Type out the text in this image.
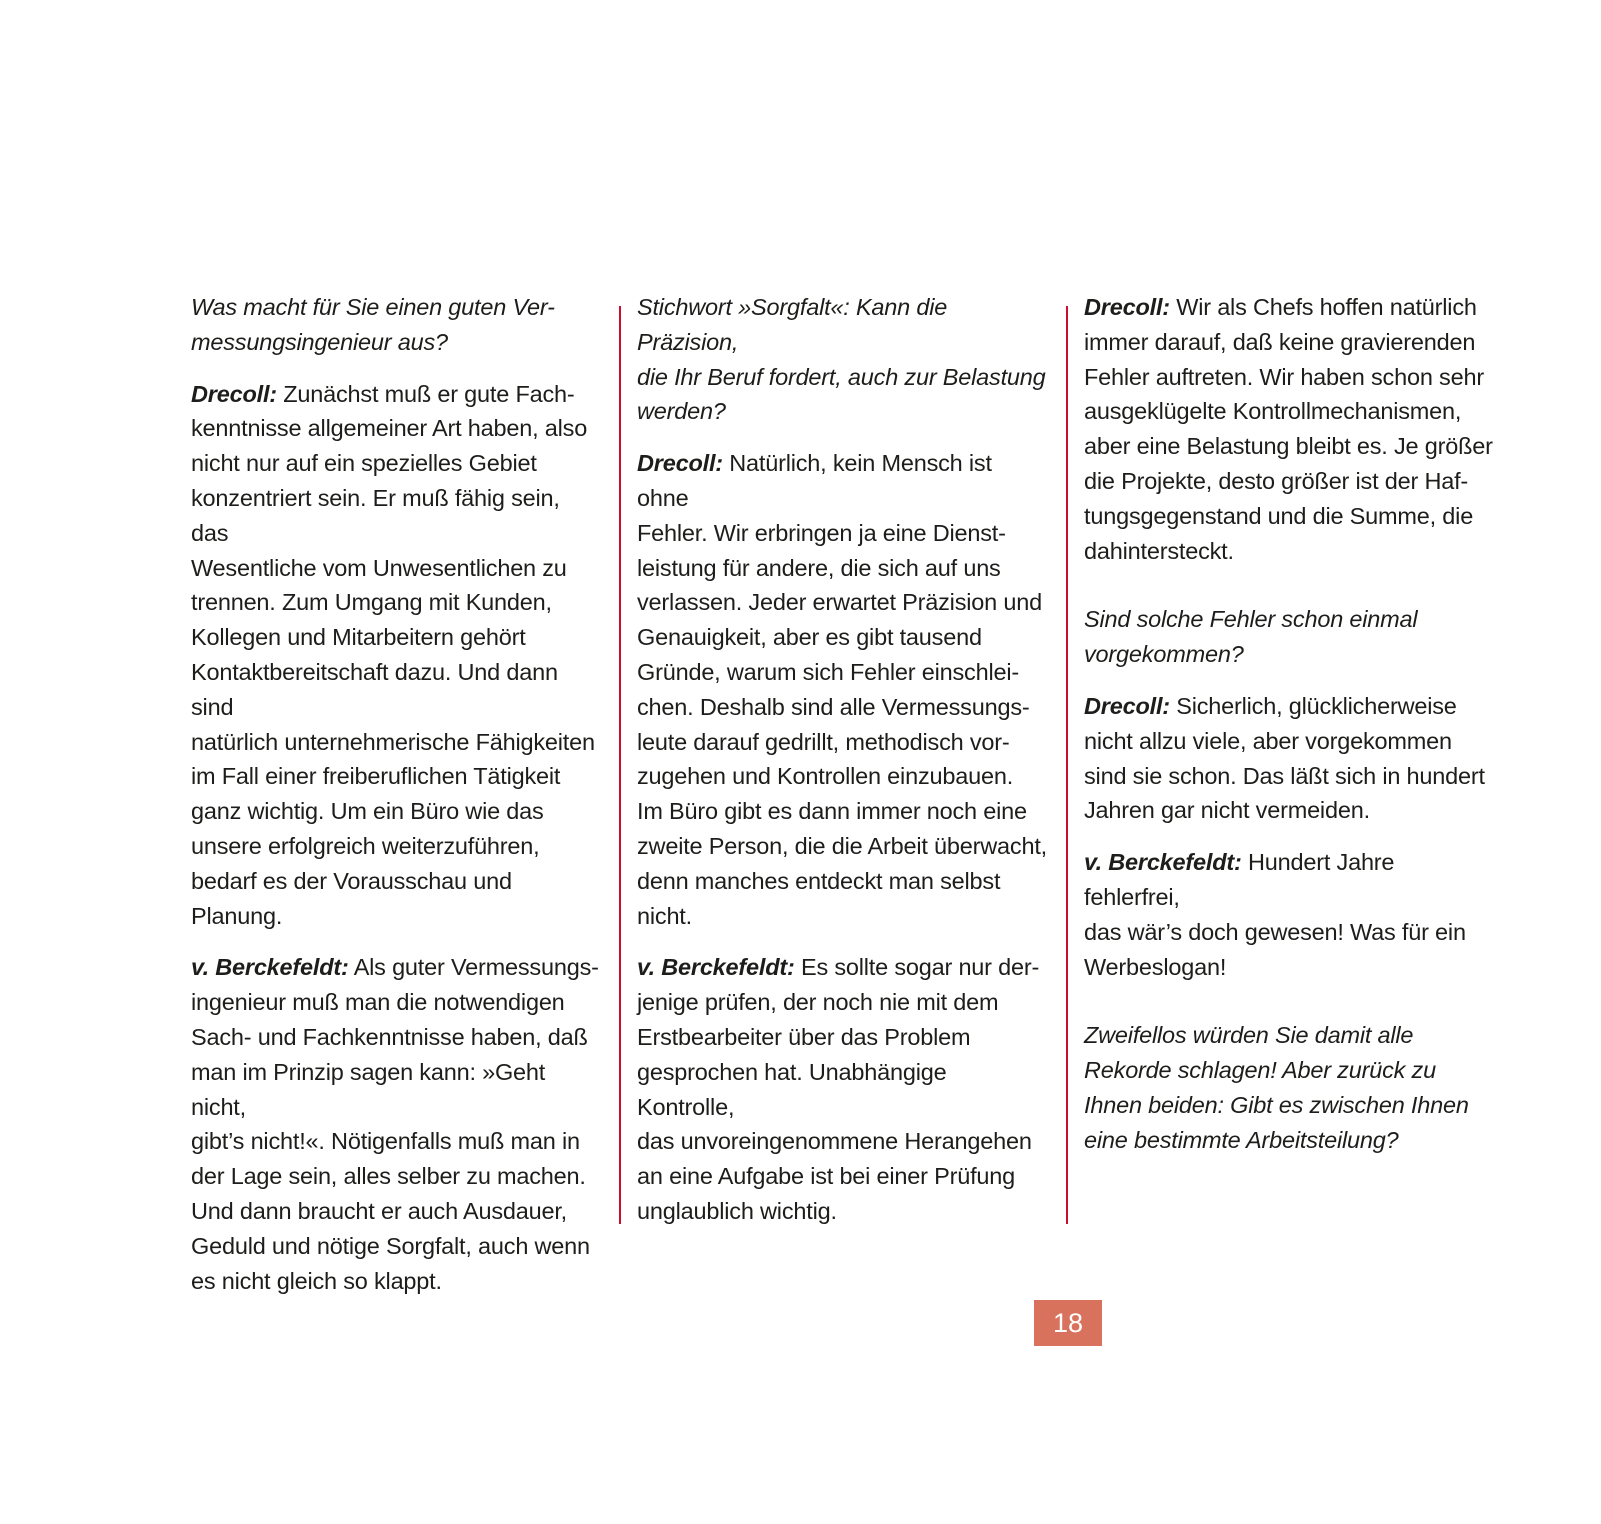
Was macht für Sie einen guten Ver-
messungsingenieur aus?

Drecoll: Zunächst muß er gute Fach-
kenntnisse allgemeiner Art haben, also
nicht nur auf ein spezielles Gebiet
konzentriert sein. Er muß fähig sein, das
Wesentliche vom Unwesentlichen zu
trennen. Zum Umgang mit Kunden,
Kollegen und Mitarbeitern gehört
Kontaktbereitschaft dazu. Und dann sind
natürlich unternehmerische Fähigkeiten
im Fall einer freiberuflichen Tätigkeit
ganz wichtig. Um ein Büro wie das
unsere erfolgreich weiterzuführen,
bedarf es der Vorausschau und Planung.

v. Berckefeldt: Als guter Vermessungs-
ingenieur muß man die notwendigen
Sach- und Fachkenntnisse haben, daß
man im Prinzip sagen kann: »Geht nicht,
gibt’s nicht!«. Nötigenfalls muß man in
der Lage sein, alles selber zu machen.
Und dann braucht er auch Ausdauer,
Geduld und nötige Sorgfalt, auch wenn
es nicht gleich so klappt.

Stichwort »Sorgfalt«: Kann die Präzision,
die Ihr Beruf fordert, auch zur Belastung
werden?

Drecoll: Natürlich, kein Mensch ist ohne
Fehler. Wir erbringen ja eine Dienst-
leistung für andere, die sich auf uns
verlassen. Jeder erwartet Präzision und
Genauigkeit, aber es gibt tausend
Gründe, warum sich Fehler einschlei-
chen. Deshalb sind alle Vermessungs-
leute darauf gedrillt, methodisch vor-
zugehen und Kontrollen einzubauen.
Im Büro gibt es dann immer noch eine
zweite Person, die die Arbeit überwacht,
denn manches entdeckt man selbst
nicht.

v. Berckefeldt: Es sollte sogar nur der-
jenige prüfen, der noch nie mit dem
Erstbearbeiter über das Problem
gesprochen hat. Unabhängige Kontrolle,
das unvoreingenommene Herangehen
an eine Aufgabe ist bei einer Prüfung
unglaublich wichtig.

Drecoll: Wir als Chefs hoffen natürlich
immer darauf, daß keine gravierenden
Fehler auftreten. Wir haben schon sehr
ausgeklügelte Kontrollmechanismen,
aber eine Belastung bleibt es. Je größer
die Projekte, desto größer ist der Haf-
tungsgegenstand und die Summe, die
dahintersteckt.

Sind solche Fehler schon einmal
vorgekommen?

Drecoll: Sicherlich, glücklicherweise
nicht allzu viele, aber vorgekommen
sind sie schon. Das läßt sich in hundert
Jahren gar nicht vermeiden.

v. Berckefeldt: Hundert Jahre fehlerfrei,
das wär’s doch gewesen! Was für ein
Werbeslogan!

Zweifellos würden Sie damit alle
Rekorde schlagen! Aber zurück zu
Ihnen beiden: Gibt es zwischen Ihnen
eine bestimmte Arbeitsteilung?

18
